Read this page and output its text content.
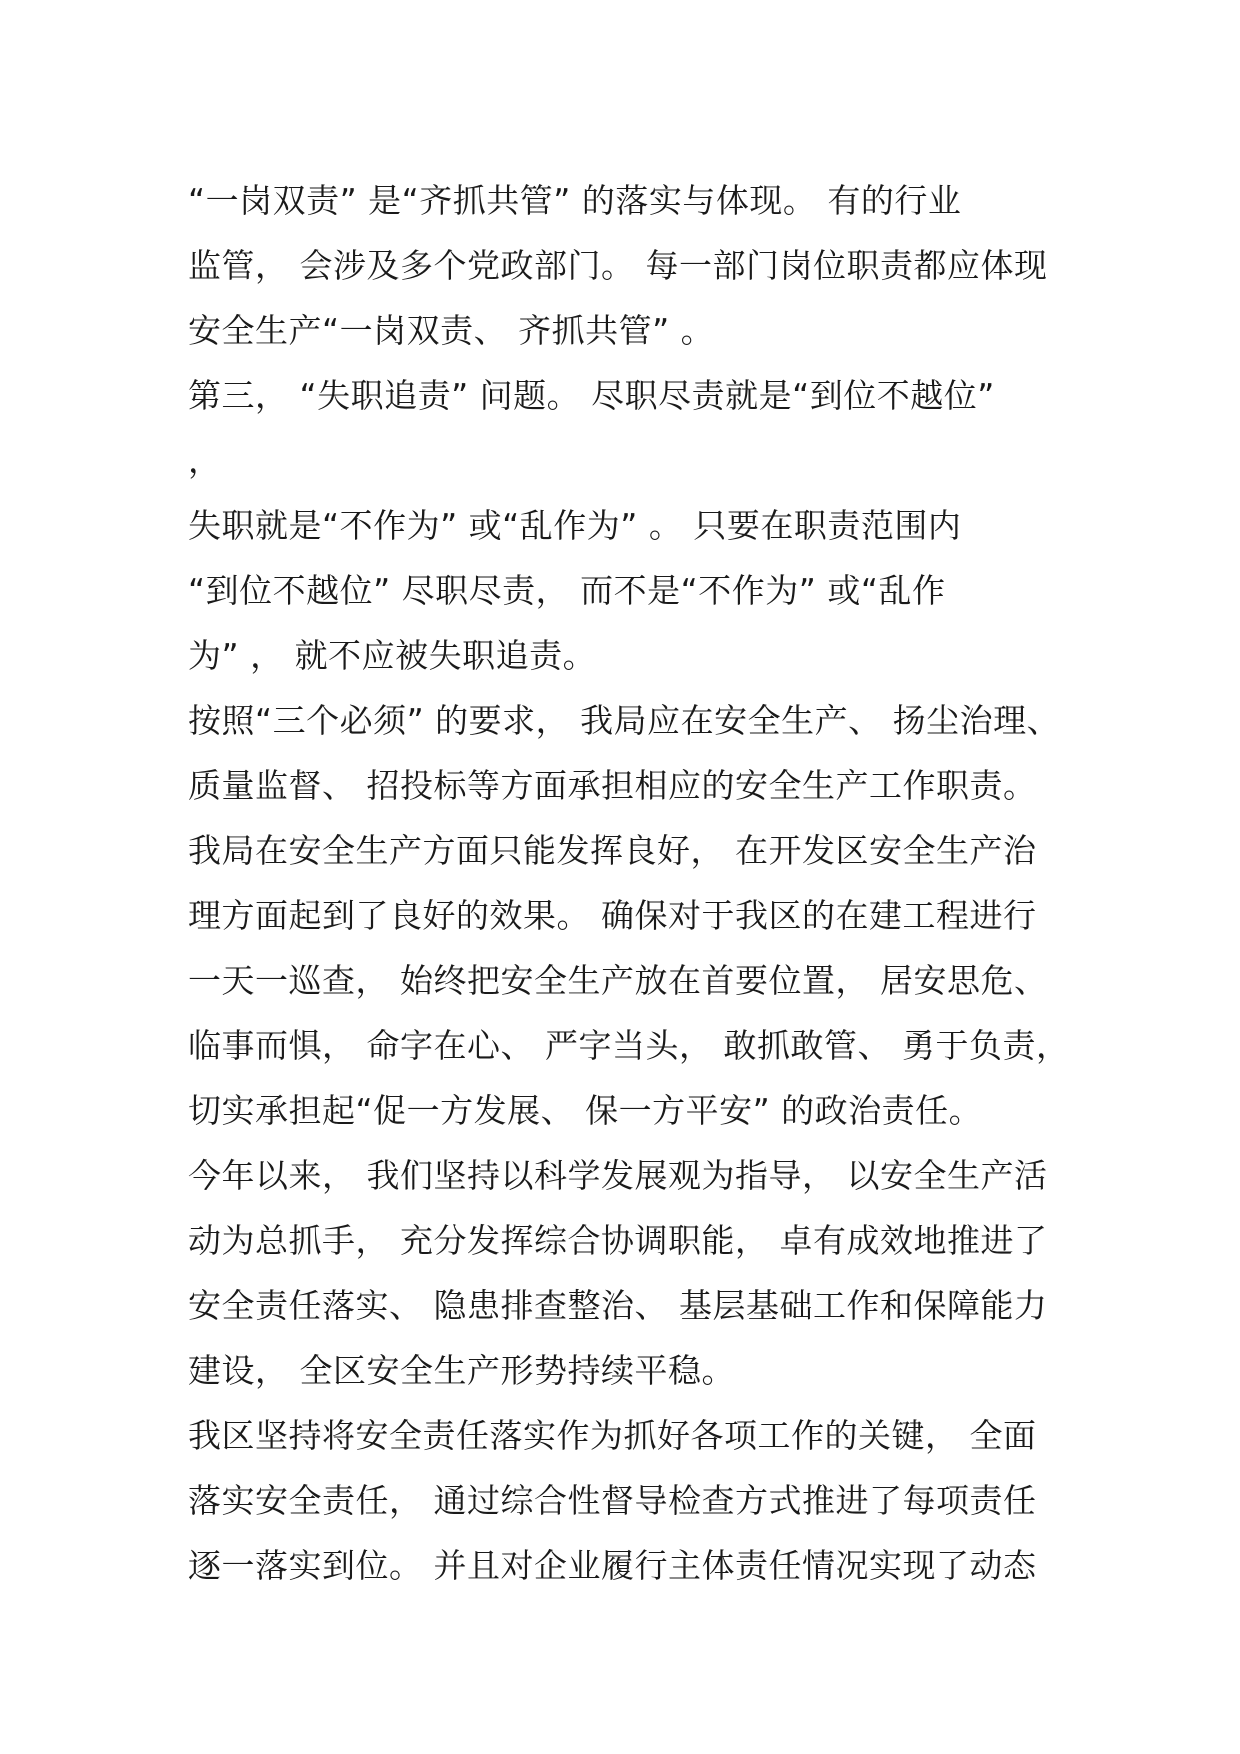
“一岗双责” 是“齐抓共管” 的落实与体现。 有的行业
监管， 会涉及多个党政部门。 每一部门岗位职责都应体现
安全生产“一岗双责、 齐抓共管” 。
第三， “失职追责” 问题。 尽职尽责就是“到位不越位”
，
失职就是“不作为” 或“乱作为” 。 只要在职责范围内
“到位不越位” 尽职尽责， 而不是“不作为” 或“乱作
为” ， 就不应被失职追责。
按照“三个必须” 的要求， 我局应在安全生产、 扬尘治理、
质量监督、 招投标等方面承担相应的安全生产工作职责。
我局在安全生产方面只能发挥良好， 在开发区安全生产治
理方面起到了良好的效果。 确保对于我区的在建工程进行
一天一巡查， 始终把安全生产放在首要位置， 居安思危、
临事而惧， 命字在心、 严字当头， 敢抓敢管、 勇于负责，
切实承担起“促一方发展、 保一方平安” 的政治责任。
今年以来， 我们坚持以科学发展观为指导， 以安全生产活
动为总抓手， 充分发挥综合协调职能， 卓有成效地推进了
安全责任落实、 隐患排查整治、 基层基础工作和保障能力
建设， 全区安全生产形势持续平稳。
我区坚持将安全责任落实作为抓好各项工作的关键， 全面
落实安全责任， 通过综合性督导检查方式推进了每项责任
逐一落实到位。 并且对企业履行主体责任情况实现了动态
